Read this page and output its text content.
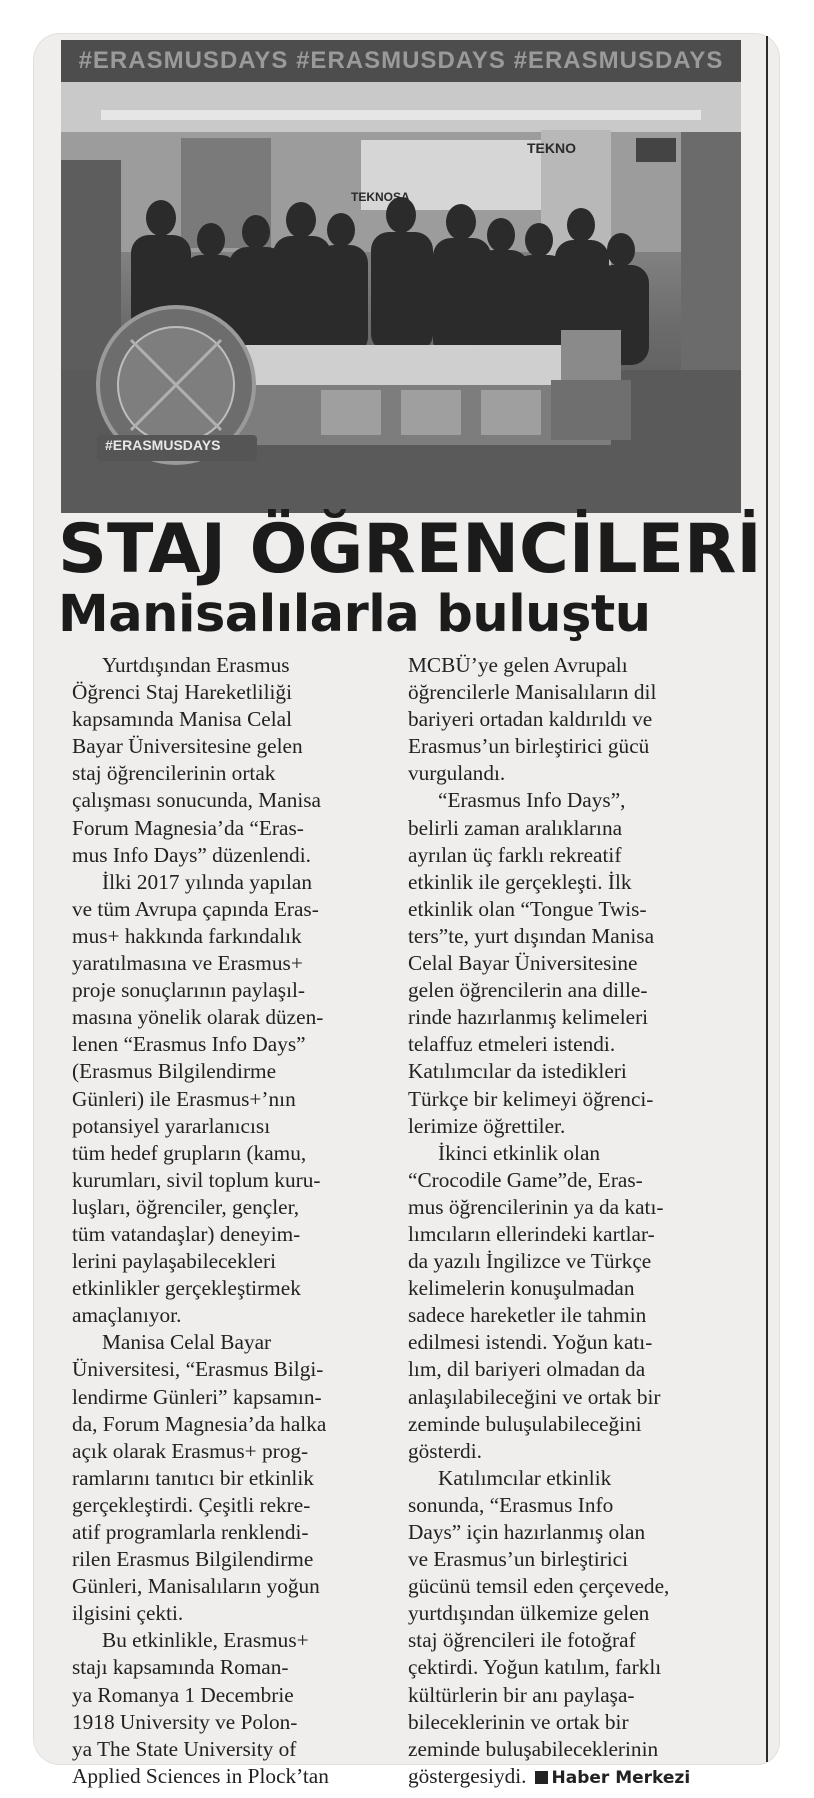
#ERASMUSDAYS #ERASMUSDAYS #ERASMUSDAYS
TEKNO
TEKNOSA
#ERASMUSDAYS
STAJ ÖĞRENCİLERİ
Manisalılarla buluştu

Yurtdışından Erasmus

Öğrenci Staj Hareketliliği

kapsamında Manisa Celal

Bayar Üniversitesine gelen

staj öğrencilerinin ortak

çalışması sonucunda, Manisa

Forum Magnesia’da “Eras-

mus Info Days” düzenlendi.

İlki 2017 yılında yapılan

ve tüm Avrupa çapında Eras-

mus+ hakkında farkındalık

yaratılmasına ve Erasmus+

proje sonuçlarının paylaşıl-

masına yönelik olarak düzen-

lenen “Erasmus Info Days”

(Erasmus Bilgilendirme

Günleri) ile Erasmus+’nın

potansiyel yararlanıcısı

tüm hedef grupların (kamu,

kurumları, sivil toplum kuru-

luşları, öğrenciler, gençler,

tüm vatandaşlar) deneyim-

lerini paylaşabilecekleri

etkinlikler gerçekleştirmek

amaçlanıyor.

Manisa Celal Bayar

Üniversitesi, “Erasmus Bilgi-

lendirme Günleri” kapsamın-

da, Forum Magnesia’da halka

açık olarak Erasmus+ prog-

ramlarını tanıtıcı bir etkinlik

gerçekleştirdi. Çeşitli rekre-

atif programlarla renklendi-

rilen Erasmus Bilgilendirme

Günleri, Manisalıların yoğun

ilgisini çekti.

Bu etkinlikle, Erasmus+

stajı kapsamında Roman-

ya Romanya 1 Decembrie

1918 University ve Polon-

ya The State University of

Applied Sciences in Plock’tan

MCBÜ’ye gelen Avrupalı

öğrencilerle Manisalıların dil

bariyeri ortadan kaldırıldı ve

Erasmus’un birleştirici gücü

vurgulandı.

“Erasmus Info Days”,

belirli zaman aralıklarına

ayrılan üç farklı rekreatif

etkinlik ile gerçekleşti. İlk

etkinlik olan “Tongue Twis-

ters”te, yurt dışından Manisa

Celal Bayar Üniversitesine

gelen öğrencilerin ana dille-

rinde hazırlanmış kelimeleri

telaffuz etmeleri istendi.

Katılımcılar da istedikleri

Türkçe bir kelimeyi öğrenci-

lerimize öğrettiler.

İkinci etkinlik olan

“Crocodile Game”de, Eras-

mus öğrencilerinin ya da katı-

lımcıların ellerindeki kartlar-

da yazılı İngilizce ve Türkçe

kelimelerin konuşulmadan

sadece hareketler ile tahmin

edilmesi istendi. Yoğun katı-

lım, dil bariyeri olmadan da

anlaşılabileceğini ve ortak bir

zeminde buluşulabileceğini

gösterdi.

Katılımcılar etkinlik

sonunda, “Erasmus Info

Days” için hazırlanmış olan

ve Erasmus’un birleştirici

gücünü temsil eden çerçevede,

yurtdışından ülkemize gelen

staj öğrencileri ile fotoğraf

çektirdi. Yoğun katılım, farklı

kültürlerin bir anı paylaşa-

bileceklerinin ve ortak bir

zeminde buluşabileceklerinin

göstergesiydi. Haber Merkezi
